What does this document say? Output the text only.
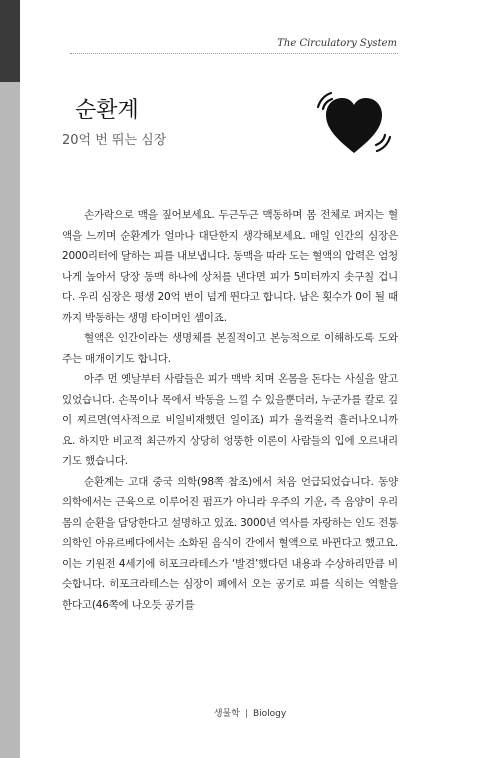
The Circulatory System
순환계
20억 번 뛰는 심장

손가락으로 맥을 짚어보세요. 두근두근 맥동하며 몸 전체로 퍼지는 혈액을 느끼며 순환계가 얼마나 대단한지 생각해보세요. 매일 인간의 심장은 2000리터에 달하는 피를 내보냅니다. 동맥을 따라 도는 혈액의 압력은 엄청나게 높아서 당장 동맥 하나에 상처를 낸다면 피가 5미터까지 솟구칠 겁니다. 우리 심장은 평생 20억 번이 넘게 뛴다고 합니다. 남은 횟수가 0이 될 때까지 박동하는 생명 타이머인 셈이죠.

혈액은 인간이라는 생명체를 본질적이고 본능적으로 이해하도록 도와주는 매개이기도 합니다.

아주 먼 옛날부터 사람들은 피가 맥박 치며 온몸을 돈다는 사실을 알고 있었습니다. 손목이나 목에서 박동을 느낄 수 있을뿐더러, 누군가를 칼로 깊이 찌르면(역사적으로 비일비재했던 일이죠) 피가 울컥울컥 흘러나오니까요. 하지만 비교적 최근까지 상당히 엉뚱한 이론이 사람들의 입에 오르내리기도 했습니다.

순환계는 고대 중국 의학(98쪽 참조)에서 처음 언급되었습니다. 동양의학에서는 근육으로 이루어진 펌프가 아니라 우주의 기운, 즉 음양이 우리 몸의 순환을 담당한다고 설명하고 있죠. 3000년 역사를 자랑하는 인도 전통 의학인 아유르베다에서는 소화된 음식이 간에서 혈액으로 바뀐다고 했고요. 이는 기원전 4세기에 히포크라테스가 ‘발견’했다던 내용과 수상하리만큼 비슷합니다. 히포크라테스는 심장이 폐에서 오는 공기로 피를 식히는 역할을 한다고(46쪽에 나오듯 공기를

생물학 | Biology
